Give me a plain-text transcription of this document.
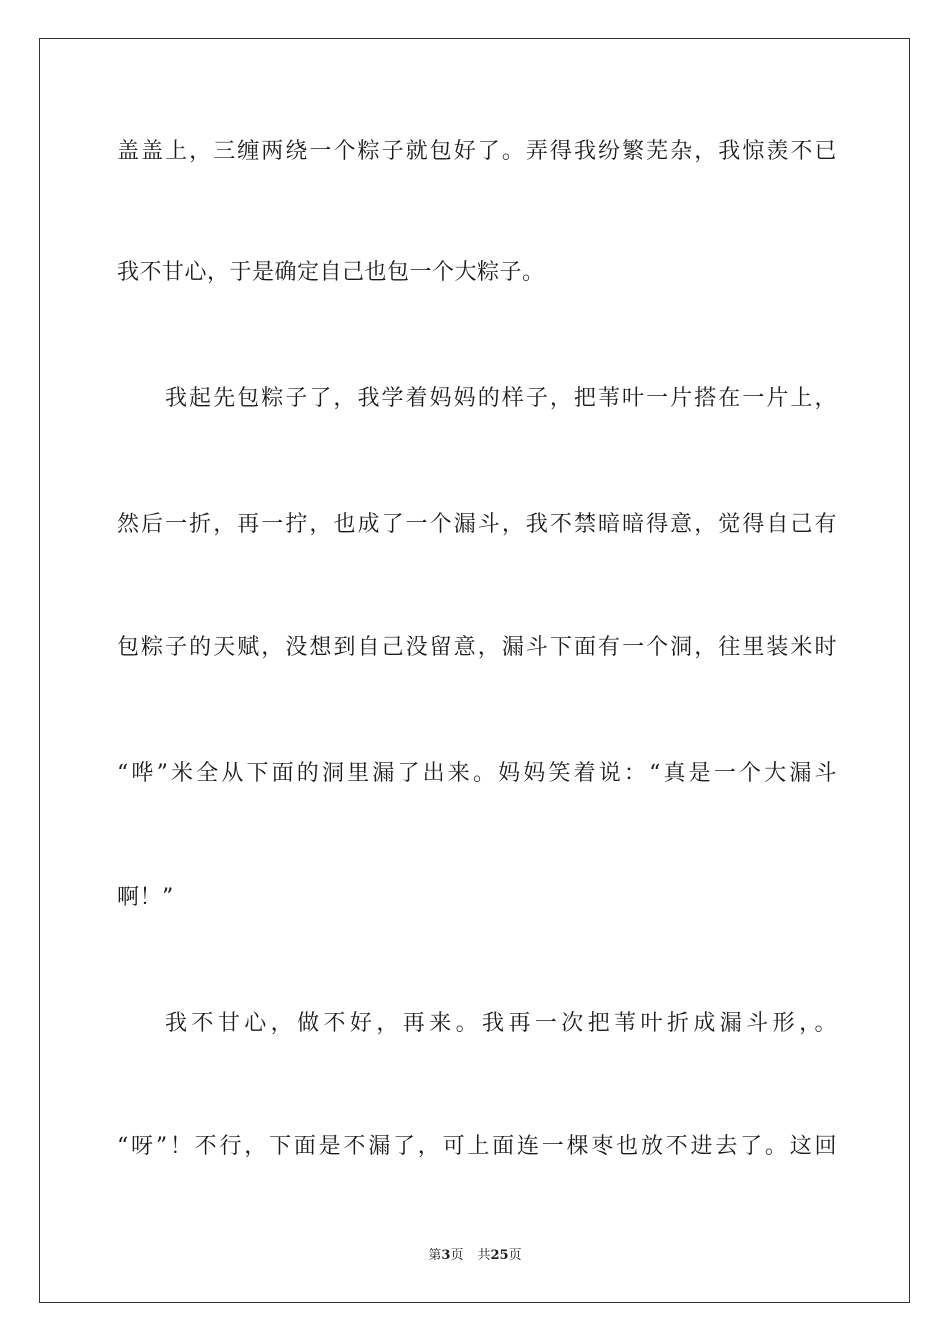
盖盖上，三缠两绕一个粽子就包好了。弄得我纷繁芜杂，我惊羡不已
我不甘心，于是确定自己也包一个大粽子。
我起先包粽子了，我学着妈妈的样子，把苇叶一片搭在一片上，
然后一折，再一拧，也成了一个漏斗，我不禁暗暗得意，觉得自己有
包粽子的天赋，没想到自己没留意，漏斗下面有一个洞，往里装米时
“哗”米全从下面的洞里漏了出来。妈妈笑着说：“真是一个大漏斗
啊！”
我不甘心，做不好，再来。我再一次把苇叶折成漏斗形，。
“呀”！不行，下面是不漏了，可上面连一棵枣也放不进去了。这回
第3页 共25页
